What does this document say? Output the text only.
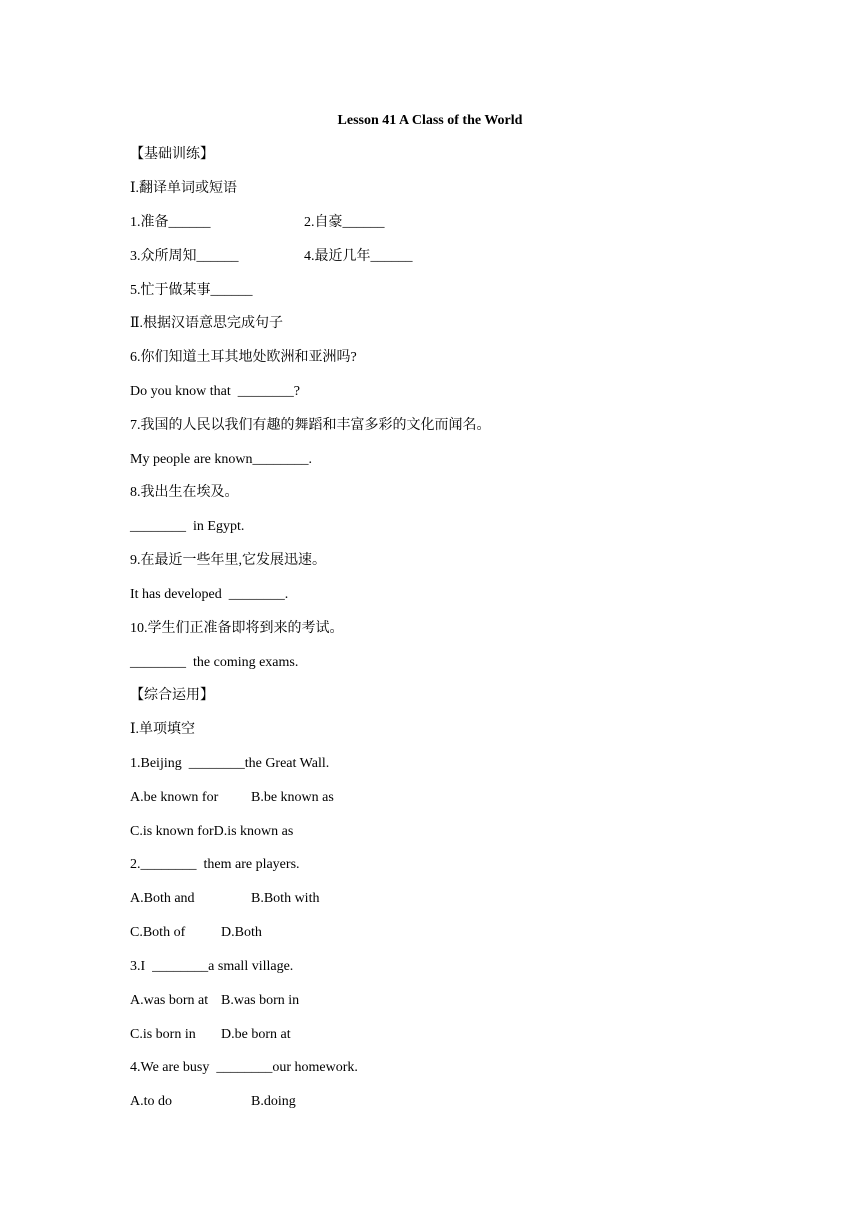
Lesson 41 A Class of the World
【基础训练】
Ⅰ.翻译单词或短语
1.准备______	2.自豪______
3.众所周知______	4.最近几年______
5.忙于做某事______
Ⅱ.根据汉语意思完成句子
6.你们知道土耳其地处欧洲和亚洲吗?
Do you know that  ________?
7.我国的人民以我们有趣的舞蹈和丰富多彩的文化而闻名。
My people are known________.
8.我出生在埃及。
________  in Egypt.
9.在最近一些年里,它发展迅速。
It has developed  ________.
10.学生们正准备即将到来的考试。
________  the coming exams.
【综合运用】
Ⅰ.单项填空
1.Beijing  ________the Great Wall.
A.be known for B.be known as
C.is known forD.is known as
2.________  them are players.
A.Both and	B.Both with
C.Both of	D.Both
3.I  ________a small village.
A.was born at B.was born in
C.is born in D.be born at
4.We are busy  ________our homework.
A.to do	B.doing
